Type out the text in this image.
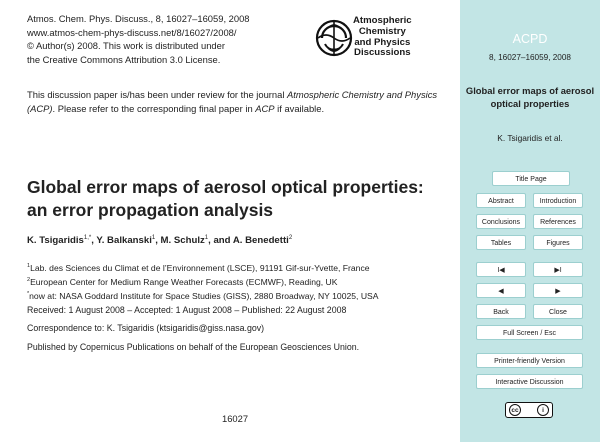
Atmos. Chem. Phys. Discuss., 8, 16027–16059, 2008
www.atmos-chem-phys-discuss.net/8/16027/2008/
© Author(s) 2008. This work is distributed under
the Creative Commons Attribution 3.0 License.
Atmospheric
Chemistry
and Physics
Discussions
This discussion paper is/has been under review for the journal Atmospheric Chemistry and Physics (ACP). Please refer to the corresponding final paper in ACP if available.
Global error maps of aerosol optical properties: an error propagation analysis
K. Tsigaridis$^{1,*}$, Y. Balkanski$^1$, M. Schulz$^1$, and A. Benedetti$^2$
$^1$Lab. des Sciences du Climat et de l’Environnement (LSCE), 91191 Gif-sur-Yvette, France
$^2$European Center for Medium Range Weather Forecasts (ECMWF), Reading, UK
*now at: NASA Goddard Institute for Space Studies (GISS), 2880 Broadway, NY 10025, USA
Received: 1 August 2008 – Accepted: 1 August 2008 – Published: 22 August 2008
Correspondence to: K. Tsigaridis (ktsigaridis@giss.nasa.gov)
Published by Copernicus Publications on behalf of the European Geosciences Union.
16027
ACPD
8, 16027–16059, 2008
Global error maps of aerosol optical properties
K. Tsigaridis et al.
Title Page
Abstract	Introduction
Conclusions	References
Tables	Figures
I◀	▶I
◀	▶
Back	Close
Full Screen / Esc
Printer-friendly Version
Interactive Discussion
cc	i
